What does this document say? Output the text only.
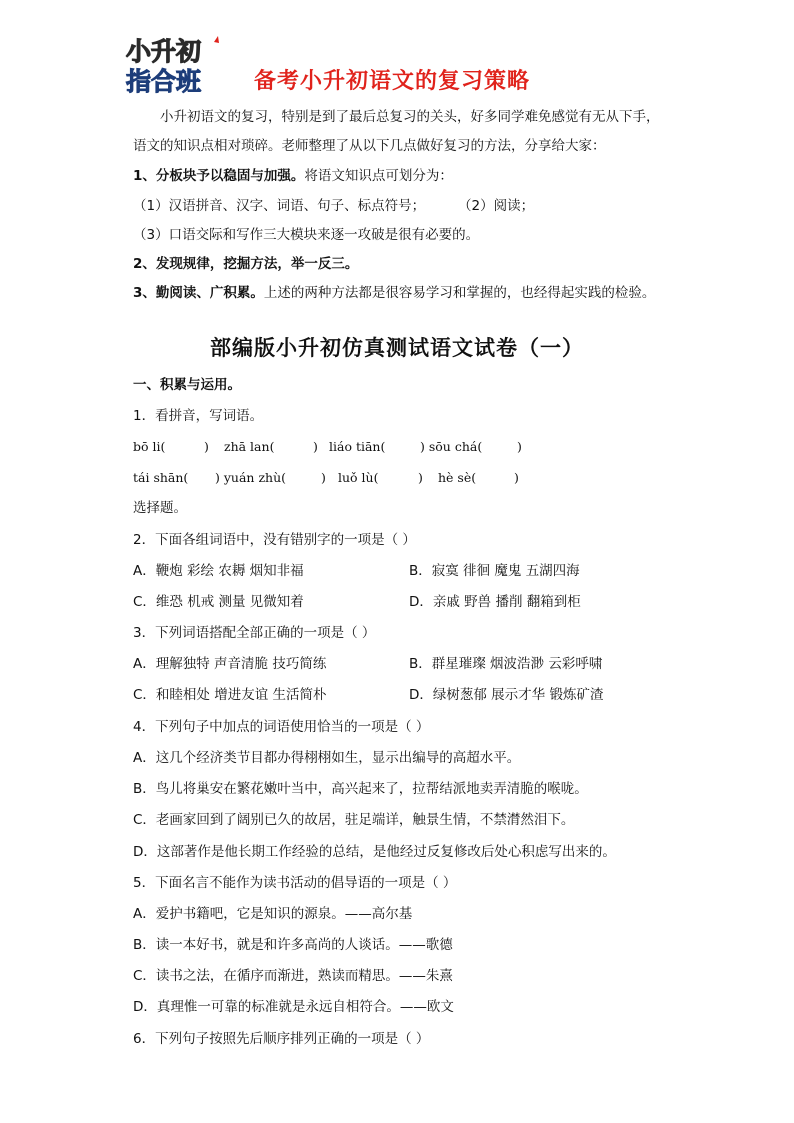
小升初
指合班 备考小升初语文的复习策略
小升初语文的复习，特别是到了最后总复习的关头，好多同学难免感觉有无从下手，
语文的知识点相对琐碎。老师整理了从以下几点做好复习的方法，分享给大家：
1、分板块予以稳固与加强。将语文知识点可划分为：
（1）汉语拼音、汉字、词语、句子、标点符号； （2）阅读；
（3）口语交际和写作三大模块来逐一攻破是很有必要的。
2、发现规律，挖掘方法，举一反三。
3、勤阅读、广积累。上述的两种方法都是很容易学习和掌握的，也经得起实践的检验。
部编版小升初仿真测试语文试卷（一）
一、积累与运用。
1．看拼音，写词语。
bō li(	) zhā lan(	) liáo tiān(	) sōu chá(	)
tái shān( ) yuán zhù(	) luǒ lù(	) hè sè(	)
选择题。
2．下面各组词语中，没有错别字的一项是（ ）
A．鞭炮 彩绘 农耨 烟知非福	B．寂寞 徘徊 魔鬼 五湖四海
C．维恐 机戒 测量 见微知着	D．亲戚 野兽 播削 翻箱到柜
3．下列词语搭配全部正确的一项是（ ）
A．理解独特 声音清脆 技巧简练	B．群星璀璨 烟波浩渺 云彩呼啸
C．和睦相处 增进友谊 生活简朴	D．绿树葱郁 展示才华 锻炼矿渣
4．下列句子中加点的词语使用恰当的一项是（ ）
A．这几个经济类节目都办得栩栩如生，显示出编导的高超水平。
B．鸟儿将巢安在繁花嫩叶当中，高兴起来了，拉帮结派地卖弄清脆的喉咙。
C．老画家回到了阔别已久的故居，驻足端详，触景生情，不禁潸然泪下。
D．这部著作是他长期工作经验的总结，是他经过反复修改后处心积虑写出来的。
5．下面名言不能作为读书活动的倡导语的一项是（ ）
A．爱护书籍吧，它是知识的源泉。——高尔基
B．读一本好书，就是和许多高尚的人谈话。——歌德
C．读书之法，在循序而渐进，熟读而精思。——朱熹
D．真理惟一可靠的标准就是永远自相符合。——欧文
6．下列句子按照先后顺序排列正确的一项是（ ）
